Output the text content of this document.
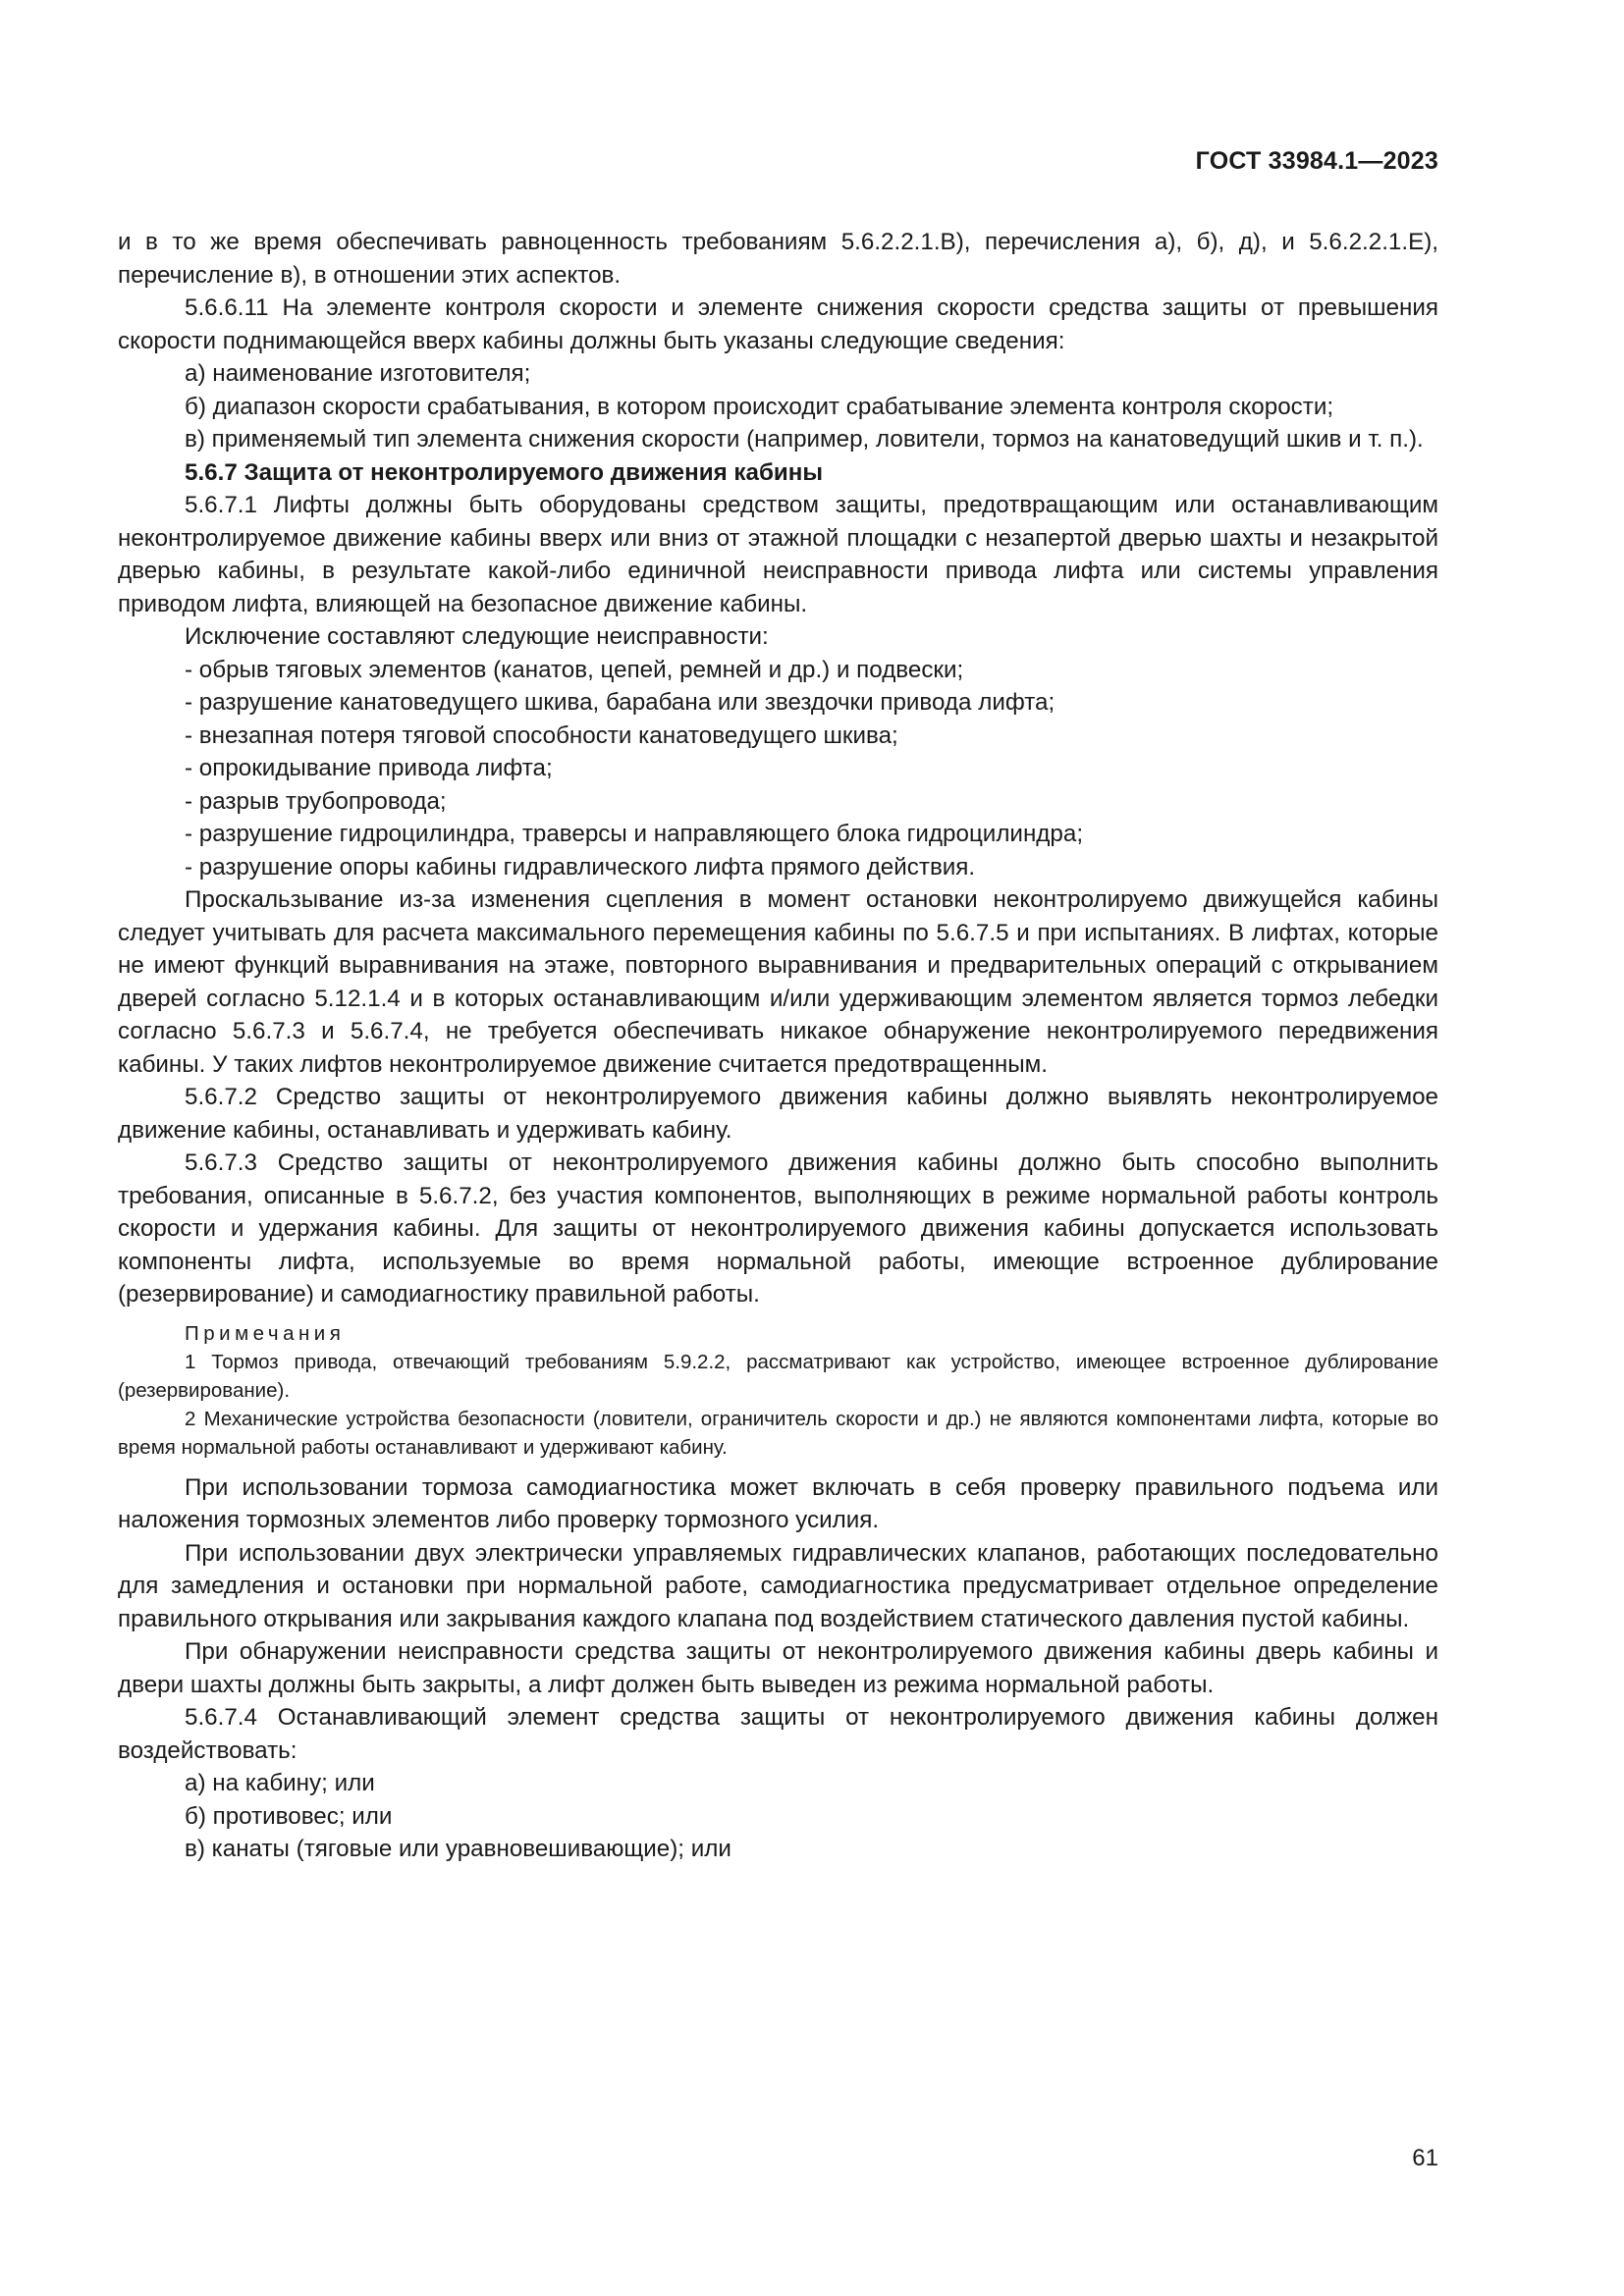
ГОСТ 33984.1—2023

и в то же время обеспечивать равноценность требованиям 5.6.2.2.1.В), перечисления а), б), д), и 5.6.2.2.1.Е), перечисление в), в отношении этих аспектов.

5.6.6.11 На элементе контроля скорости и элементе снижения скорости средства защиты от превышения скорости поднимающейся вверх кабины должны быть указаны следующие сведения:

а) наименование изготовителя;

б) диапазон скорости срабатывания, в котором происходит срабатывание элемента контроля скорости;

в) применяемый тип элемента снижения скорости (например, ловители, тормоз на канатоведущий шкив и т. п.).

5.6.7 Защита от неконтролируемого движения кабины

5.6.7.1 Лифты должны быть оборудованы средством защиты, предотвращающим или останавливающим неконтролируемое движение кабины вверх или вниз от этажной площадки с незапертой дверью шахты и незакрытой дверью кабины, в результате какой-либо единичной неисправности привода лифта или системы управления приводом лифта, влияющей на безопасное движение кабины.

Исключение составляют следующие неисправности:

- обрыв тяговых элементов (канатов, цепей, ремней и др.) и подвески;

- разрушение канатоведущего шкива, барабана или звездочки привода лифта;

- внезапная потеря тяговой способности канатоведущего шкива;

- опрокидывание привода лифта;

- разрыв трубопровода;

- разрушение гидроцилиндра, траверсы и направляющего блока гидроцилиндра;

- разрушение опоры кабины гидравлического лифта прямого действия.

Проскальзывание из-за изменения сцепления в момент остановки неконтролируемо движущейся кабины следует учитывать для расчета максимального перемещения кабины по 5.6.7.5 и при испытаниях. В лифтах, которые не имеют функций выравнивания на этаже, повторного выравнивания и предварительных операций с открыванием дверей согласно 5.12.1.4 и в которых останавливающим и/или удерживающим элементом является тормоз лебедки согласно 5.6.7.3 и 5.6.7.4, не требуется обеспечивать никакое обнаружение неконтролируемого передвижения кабины. У таких лифтов неконтролируемое движение считается предотвращенным.

5.6.7.2 Средство защиты от неконтролируемого движения кабины должно выявлять неконтролируемое движение кабины, останавливать и удерживать кабину.

5.6.7.3 Средство защиты от неконтролируемого движения кабины должно быть способно выполнить требования, описанные в 5.6.7.2, без участия компонентов, выполняющих в режиме нормальной работы контроль скорости и удержания кабины. Для защиты от неконтролируемого движения кабины допускается использовать компоненты лифта, используемые во время нормальной работы, имеющие встроенное дублирование (резервирование) и самодиагностику правильной работы.

Примечания

1 Тормоз привода, отвечающий требованиям 5.9.2.2, рассматривают как устройство, имеющее встроенное дублирование (резервирование).

2 Механические устройства безопасности (ловители, ограничитель скорости и др.) не являются компонентами лифта, которые во время нормальной работы останавливают и удерживают кабину.

При использовании тормоза самодиагностика может включать в себя проверку правильного подъема или наложения тормозных элементов либо проверку тормозного усилия.

При использовании двух электрически управляемых гидравлических клапанов, работающих последовательно для замедления и остановки при нормальной работе, самодиагностика предусматривает отдельное определение правильного открывания или закрывания каждого клапана под воздействием статического давления пустой кабины.

При обнаружении неисправности средства защиты от неконтролируемого движения кабины дверь кабины и двери шахты должны быть закрыты, а лифт должен быть выведен из режима нормальной работы.

5.6.7.4 Останавливающий элемент средства защиты от неконтролируемого движения кабины должен воздействовать:

а) на кабину; или

б) противовес; или

в) канаты (тяговые или уравновешивающие); или

61
